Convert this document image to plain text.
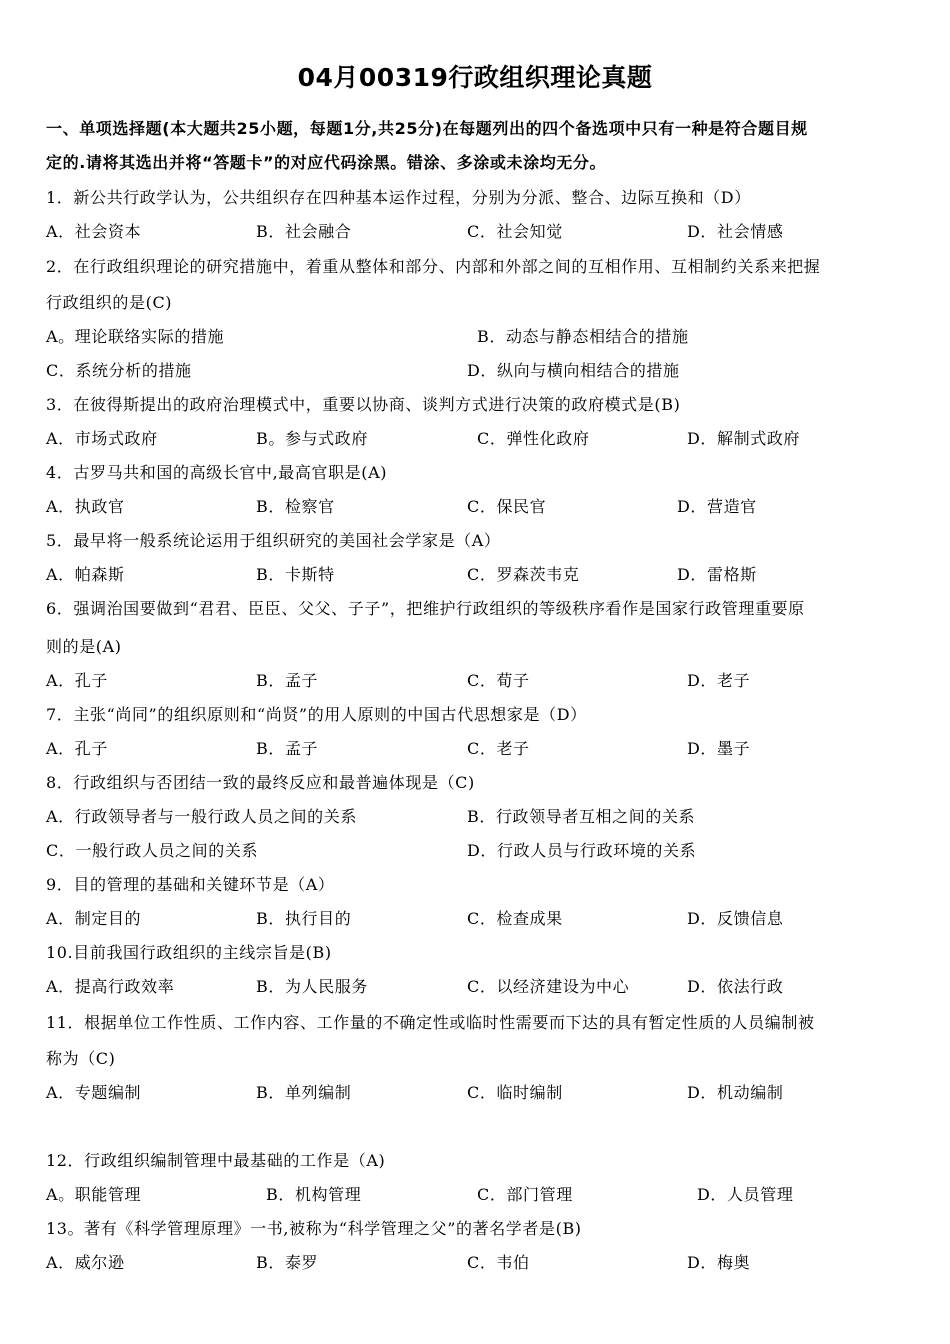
04月00319行政组织理论真题
一、单项选择题(本大题共25小题，每题1分,共25分)在每题列出的四个备选项中只有一种是符合题目规
定的.请将其选出并将“答题卡”的对应代码涂黑。错涂、多涂或未涂均无分。
1．新公共行政学认为，公共组织存在四种基本运作过程，分别为分派、整合、边际互换和（D）
A．社会资本	B．社会融合	C．社会知觉	D．社会情感
2．在行政组织理论的研究措施中，着重从整体和部分、内部和外部之间的互相作用、互相制约关系来把握
行政组织的是(C)
A。理论联络实际的措施	B．动态与静态相结合的措施
C．系统分析的措施	D．纵向与横向相结合的措施
3．在彼得斯提出的政府治理模式中，重要以协商、谈判方式进行决策的政府模式是(B)
A．市场式政府	B。参与式政府	C．弹性化政府	D．解制式政府
4．古罗马共和国的高级长官中,最高官职是(A)
A．执政官	B．检察官	C．保民官	D．营造官
5．最早将一般系统论运用于组织研究的美国社会学家是（A）
A．帕森斯	B．卡斯特	C．罗森茨韦克	D．雷格斯
6．强调治国要做到“君君、臣臣、父父、子子”，把维护行政组织的等级秩序看作是国家行政管理重要原
则的是(A)
A．孔子	B．孟子	C．荀子	D．老子
7．主张“尚同”的组织原则和“尚贤”的用人原则的中国古代思想家是（D）
A．孔子	B．孟子	C．老子	D．墨子
8．行政组织与否团结一致的最终反应和最普遍体现是（C)
A．行政领导者与一般行政人员之间的关系	B．行政领导者互相之间的关系
C．一般行政人员之间的关系	D．行政人员与行政环境的关系
9．目的管理的基础和关键环节是（A）
A．制定目的	B．执行目的	C．检查成果	D．反馈信息
10.目前我国行政组织的主线宗旨是(B)
A．提高行政效率	B．为人民服务	C．以经济建设为中心	D．依法行政
11．根据单位工作性质、工作内容、工作量的不确定性或临时性需要而下达的具有暂定性质的人员编制被
称为（C)
A．专题编制	B．单列编制	C．临时编制	D．机动编制
12．行政组织编制管理中最基础的工作是（A)
A。职能管理	B．机构管理	C．部门管理	D．人员管理
13。著有《科学管理原理》一书,被称为“科学管理之父”的著名学者是(B)
A．威尔逊	B．泰罗	C．韦伯	D．梅奥
